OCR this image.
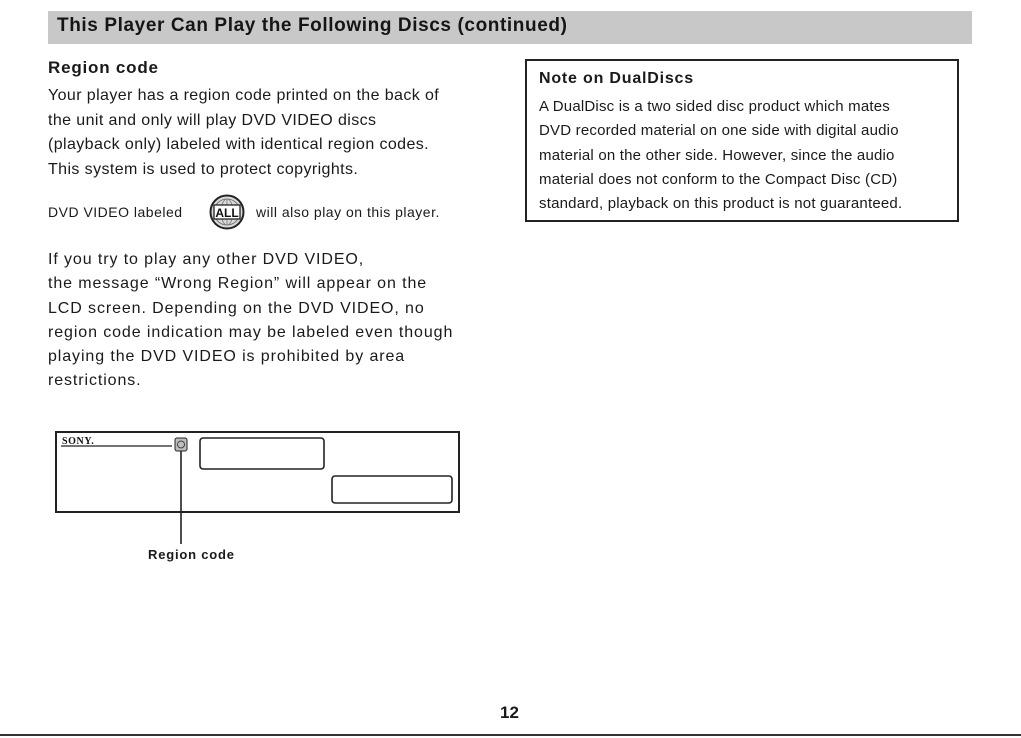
This Player Can Play the Following Discs (continued)
Region code
Your player has a region code printed on the back of
the unit and only will play DVD VIDEO discs
(playback only) labeled with identical region codes.
This system is used to protect copyrights.
DVD VIDEO labeled	ALL will also play on this player.
If you try to play any other DVD VIDEO,
the message “Wrong Region” will appear on the
LCD screen. Depending on the DVD VIDEO, no
region code indication may be labeled even though
playing the DVD VIDEO is prohibited by area
restrictions.
SONY.
Region code
Note on DualDiscs
A DualDisc is a two sided disc product which mates
DVD recorded material on one side with digital audio
material on the other side. However, since the audio
material does not conform to the Compact Disc (CD)
standard, playback on this product is not guaranteed.
12
